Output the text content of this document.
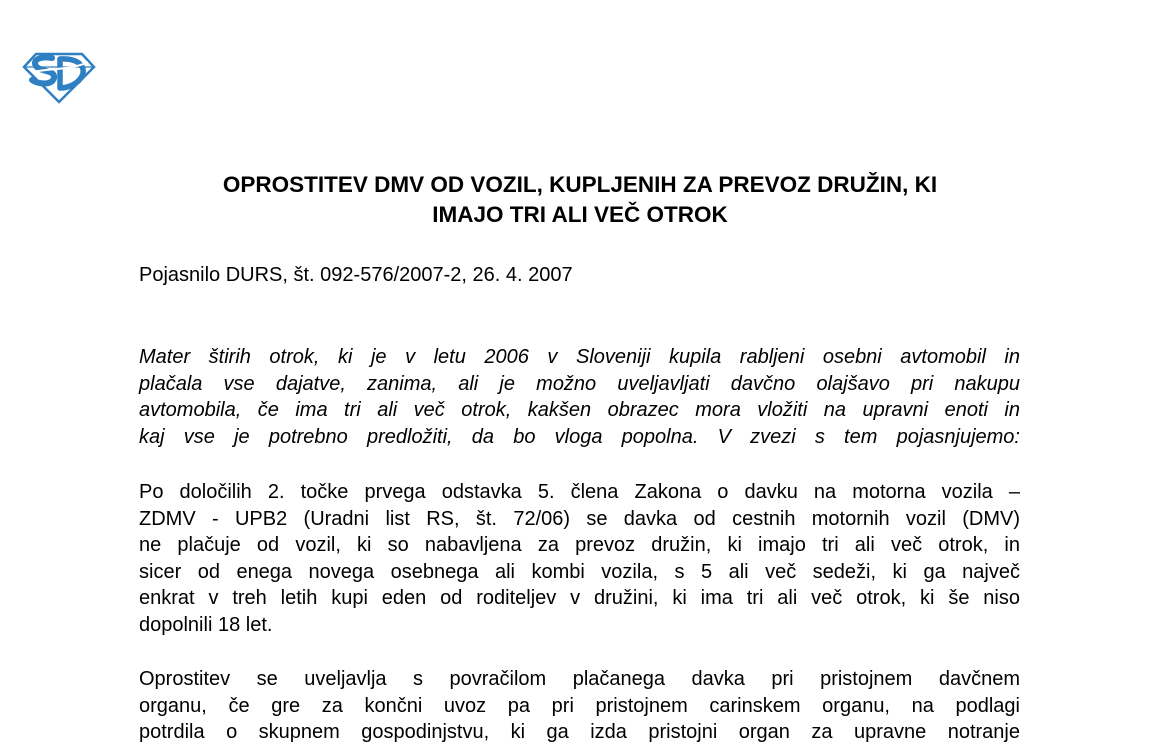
OPROSTITEV DMV OD VOZIL, KUPLJENIH ZA PREVOZ DRUŽIN, KI
IMAJO TRI ALI VEČ OTROK
Pojasnilo DURS, št. 092-576/2007-2, 26. 4. 2007
Mater štirih otrok, ki je v letu 2006 v Sloveniji kupila rabljeni osebni avtomobil in
plačala vse dajatve, zanima, ali je možno uveljavljati davčno olajšavo pri nakupu
avtomobila, če ima tri ali več otrok, kakšen obrazec mora vložiti na upravni enoti in
kaj vse je potrebno predložiti, da bo vloga popolna. V zvezi s tem pojasnjujemo:
Po določilih 2. točke prvega odstavka 5. člena Zakona o davku na motorna vozila –
ZDMV - UPB2 (Uradni list RS, št. 72/06) se davka od cestnih motornih vozil (DMV)
ne plačuje od vozil, ki so nabavljena za prevoz družin, ki imajo tri ali več otrok, in
sicer od enega novega osebnega ali kombi vozila, s 5 ali več sedeži, ki ga največ
enkrat v treh letih kupi eden od roditeljev v družini, ki ima tri ali več otrok, ki še niso
dopolnili 18 let.
Oprostitev se uveljavlja s povračilom plačanega davka pri pristojnem davčnem
organu, če gre za končni uvoz pa pri pristojnem carinskem organu, na podlagi
potrdila o skupnem gospodinjstvu, ki ga izda pristojni organ za upravne notranje
